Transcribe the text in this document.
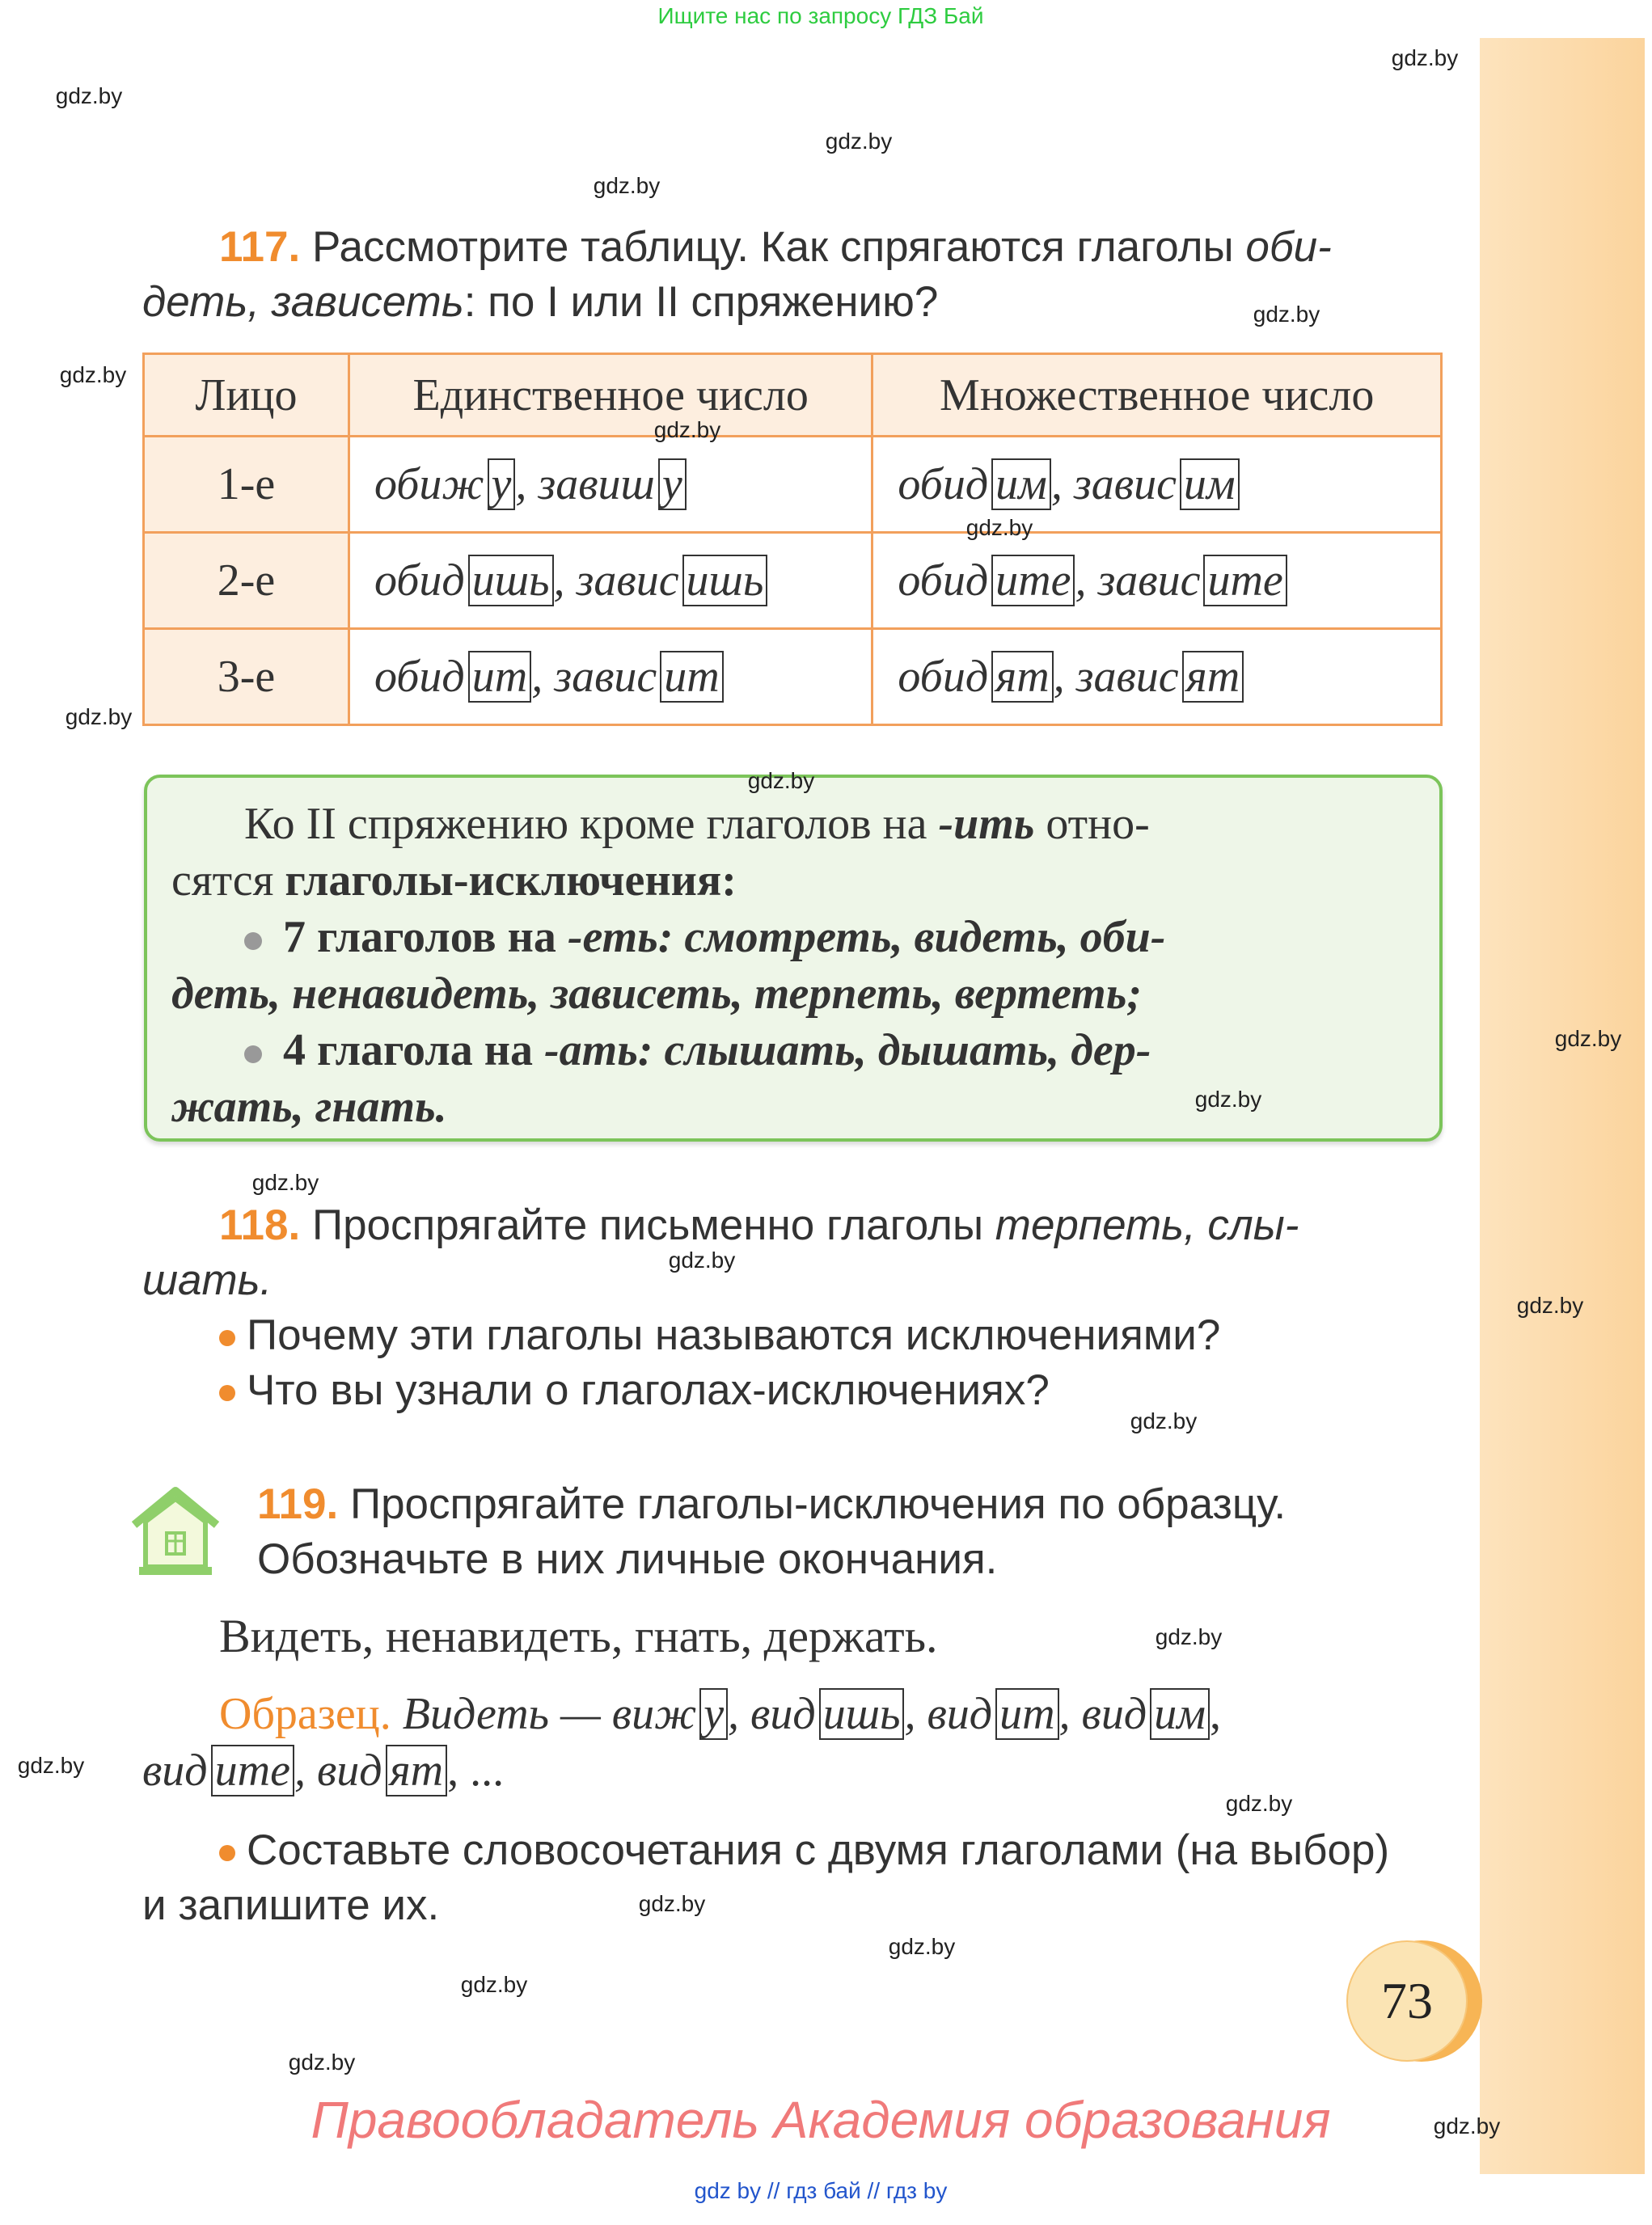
Ищите нас по запросу ГДЗ Бай
117. Рассмотрите таблицу. Как спрягаются глаголы оби-
деть, зависеть: по I или II спряжению?
Лицо	Единственное число	Множественное число
1-е	обиж у, завиш у	обид им, завис им
2-е	обид ишь, завис ишь	обид ите, завис ите
3-е	обид ит, завис ит	обид ят, завис ят
Ко II спряжению кроме глаголов на -ить отно-
сятся глаголы-исключения:
7 глаголов на -еть: смотреть, видеть, оби-
деть, ненавидеть, зависеть, терпеть, вертеть;
4 глагола на -ать: слышать, дышать, дер-
жать, гнать.
118. Проспрягайте письменно глаголы терпеть, слы-
шать.
Почему эти глаголы называются исключениями?
Что вы узнали о глаголах-исключениях?
119. Проспрягайте глаголы-исключения по образцу.
Обозначьте в них личные окончания.
Видеть, ненавидеть, гнать, держать.
Образец. Видеть — виж у, вид ишь, вид ит, вид им,
вид ите, вид ят, ...
Составьте словосочетания с двумя глаголами (на выбор)
и запишите их.
73
Правообладатель Академия образования
gdz by // гдз бай // гдз by
gdz.by
gdz.by
gdz.by
gdz.by
gdz.by
gdz.by
gdz.by
gdz.by
gdz.by
gdz.by
gdz.by
gdz.by
gdz.by
gdz.by
gdz.by
gdz.by
gdz.by
gdz.by
gdz.by
gdz.by
gdz.by
gdz.by
gdz.by
gdz.by
